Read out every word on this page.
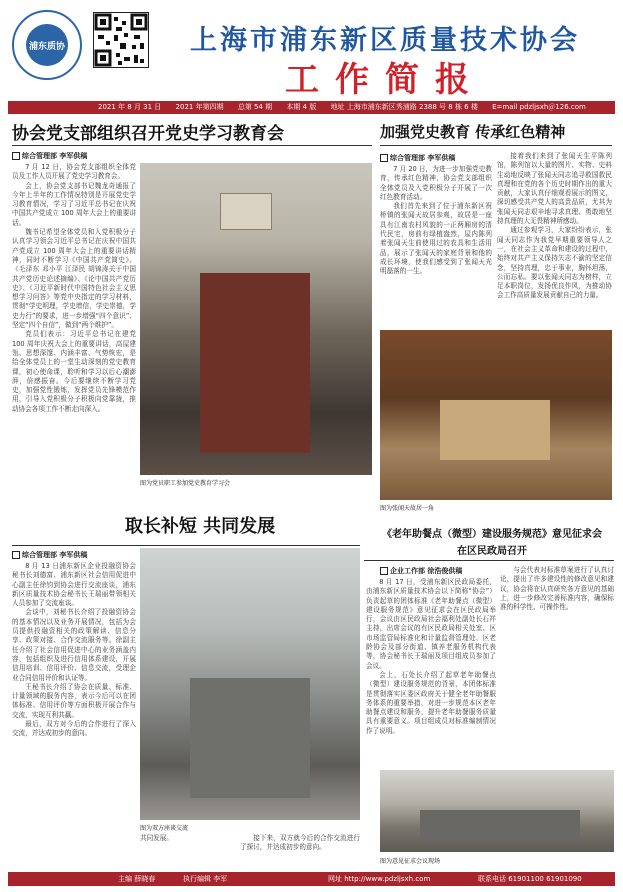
浦东质协	上海市浦东新区质量技术协会
工作简报
2021 年 8 月 31 日 2021 年第四期 总第 54 期 本期 4 版 地址 上海市浦东新区秀浦路 2388 号 8 栋 6 楼 E=mail pdzljsxh＠126.com
协会党支部组织召开党史学习教育会
综合管理部 李军供稿

7 月 12 日，协会党支部组织全体党员及工作人员开展了党史学习教育会。

会上，协会党支部书记魏龙奇通报了今年上半年的工作情况特别是开展党史学习教育情况，学习了习近平总书记在庆祝中国共产党成立 100 周年大会上的重要讲话。

魏书记希望全体党员和入党积极分子认真学习领会习近平总书记在庆祝中国共产党成立 100 周年大会上的重要讲话精神，同时不断学习《中国共产党简史》、《毛泽东 邓小平 江泽民 胡锦涛关于中国共产党历史论述摘编》、《论中国共产党历史》、《习近平新时代中国特色社会主义思想学习问答》等党中央指定的学习材料，贯彻“学史明理，学史增信，学史崇德，学史力行”的要求，进一步增强“四个意识”、坚定“四个自信”，做到“两个维护”。

党员们表示：习近平总书记在建党 100 周年庆祝大会上的重要讲话，高屋建瓴、思想深邃、内涵丰富、气势恢宏，是给全体党员上的一堂生动深刻的党史教育课，初心使命课，聆听和学习以后心潮澎湃，倍感振奋。今后要继续不断学习党史，加强党性锻炼，发挥党员先锋模范作用，引导入党积极分子积极向党靠拢，推动协会各项工作不断走向深入。

图为党员职工参加党史教育学习会
加强党史教育 传承红色精神
综合管理部 李军供稿

7 月 20 日，为进一步加强党史教育，传承红色精神，协会党支部组织全体党员及入党积极分子开展了一次红色教育活动。

我们首先来到了位于浦东新区祝桥镇的张闻天故居参观，故居是一座具有江南农村风貌的一正两厢房的清代民宅，房前有绿植盎然，屋内陈列着张闻天生前使用过的农具和生活用品，展示了张闻天的家庭背景和他的成长环境，使我们感受到了张闻天光明磊落的一生。

接着我们来到了张闻天生平陈列馆，陈列馆以大量的图片、实物、史料生动地反映了张闻天同志追寻救国救民真理和在党的各个历史时期作出的重大贡献，大家认真仔细观看展示的图文，深切感受共产党人的高贵品质，尤其为张闻天同志艰辛地寻求真理、勇敢地坚持真理的大无畏精神所感动。

通过参观学习，大家纷纷表示，张闻天同志作为我党早期重要领导人之一，在社会主义革命和建设的过程中，始终对共产主义保持矢志不渝的坚定信念，坚持真理，忠于事业，胸怀坦荡，公而忘私。要以张闻天同志为榜样，立足本职岗位，发扬优良作风，为推动协会工作高质量发展贡献自己的力量。

图为张闻天故居一角
取长补短 共同发展
综合管理部 李军供稿

8 月 13 日浦东新区企业投融资协会秘书长刘德富、浦东新区社会信用促进中心副主任徐钧到协会进行交流座谈，浦东新区质量技术协会秘书长王瑞丽带领相关人员参加了交流座谈。

会谈中，刘秘书长介绍了投融资协会的基本情况以及业务开展情况，包括为会员提供投融资相关的政策解读、信息分享、政策对接、合作交流服务等。徐副主任介绍了社会信用促进中心的业务涵盖内容，包括组织及进行信用体系建设，开展信用培训、信用评价、信息交流，受理企业合同信用评价和认证等。

王秘书长介绍了协会在质量、标准、计量领域的服务内容，表示今后可以在团体标准、信用评价等方面积极开展合作与交流，实现互利共赢。

最后，双方对今后的合作进行了深入交流，并达成初步的意向。

图为双方座谈交流

共同发展。	接下来，双方就今后的合作交流进行了探讨，并达成初步的意向。

《老年助餐点（微型）建设服务规范》意见征求会
在区民政局召开
企业工作部 徐浩俊供稿

8 月 17 日，受浦东新区民政局委托，由浦东新区质量技术协会以下简称“协会”）负责起草的团体标准《老年助餐点（微型）建设服务规范》意见征求会在区民政局举行，会议由区民政局社会福利处副处长石祥主持，出席会议的有区民政局相关处室、区市场监管局标准化和计量监督管理处、区老龄协会及部分街道、镇养老服务机构代表等，协会秘书长王瑞丽及项目组成员参加了会议。

会上，石处长介绍了起草老年助餐点（微型）建设服务规范的背景，本团体标准是贯彻落实区委区政府关于健全老年助餐服务体系的重要举措，对进一步规范本区老年助餐点建设和服务，提升老年助餐服务质量具有重要意义。项目组成员对标准编制情况作了说明。

与会代表对标准草案进行了认真讨论，提出了许多建设性的修改意见和建议，协会将在认真研究各方意见的基础上，进一步修改完善标准内容，确保标准的科学性、可操作性。

图为意见征求会议现场
主编 薛晓春	执行编辑 李军	网址 http://www.pdzljsxh.com	联系电话 61901100 61901090
